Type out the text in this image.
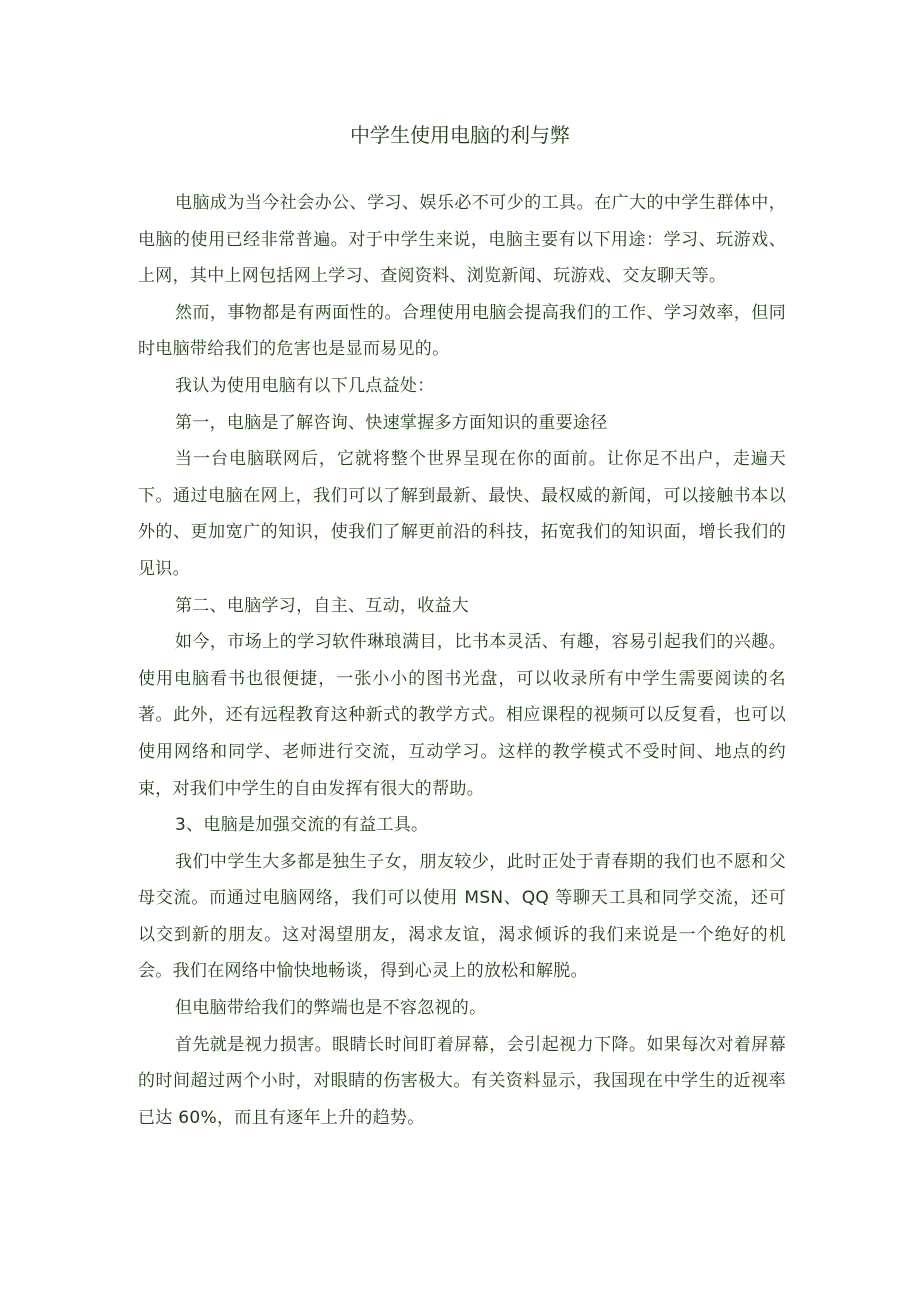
中学生使用电脑的利与弊

电脑成为当今社会办公、学习、娱乐必不可少的工具。在广大的中学生群体中，电脑的使用已经非常普遍。对于中学生来说，电脑主要有以下用途：学习、玩游戏、上网，其中上网包括网上学习、查阅资料、浏览新闻、玩游戏、交友聊天等。

然而，事物都是有两面性的。合理使用电脑会提高我们的工作、学习效率，但同时电脑带给我们的危害也是显而易见的。

我认为使用电脑有以下几点益处：

第一，电脑是了解咨询、快速掌握多方面知识的重要途径

当一台电脑联网后，它就将整个世界呈现在你的面前。让你足不出户，走遍天下。通过电脑在网上，我们可以了解到最新、最快、最权威的新闻，可以接触书本以外的、更加宽广的知识，使我们了解更前沿的科技，拓宽我们的知识面，增长我们的见识。

第二、电脑学习，自主、互动，收益大

如今，市场上的学习软件琳琅满目，比书本灵活、有趣，容易引起我们的兴趣。使用电脑看书也很便捷，一张小小的图书光盘，可以收录所有中学生需要阅读的名著。此外，还有远程教育这种新式的教学方式。相应课程的视频可以反复看，也可以使用网络和同学、老师进行交流，互动学习。这样的教学模式不受时间、地点的约束，对我们中学生的自由发挥有很大的帮助。

3、电脑是加强交流的有益工具。

我们中学生大多都是独生子女，朋友较少，此时正处于青春期的我们也不愿和父母交流。而通过电脑网络，我们可以使用 MSN、QQ 等聊天工具和同学交流，还可以交到新的朋友。这对渴望朋友，渴求友谊，渴求倾诉的我们来说是一个绝好的机会。我们在网络中愉快地畅谈，得到心灵上的放松和解脱。

但电脑带给我们的弊端也是不容忽视的。

首先就是视力损害。眼睛长时间盯着屏幕，会引起视力下降。如果每次对着屏幕的时间超过两个小时，对眼睛的伤害极大。有关资料显示，我国现在中学生的近视率已达 60%，而且有逐年上升的趋势。
